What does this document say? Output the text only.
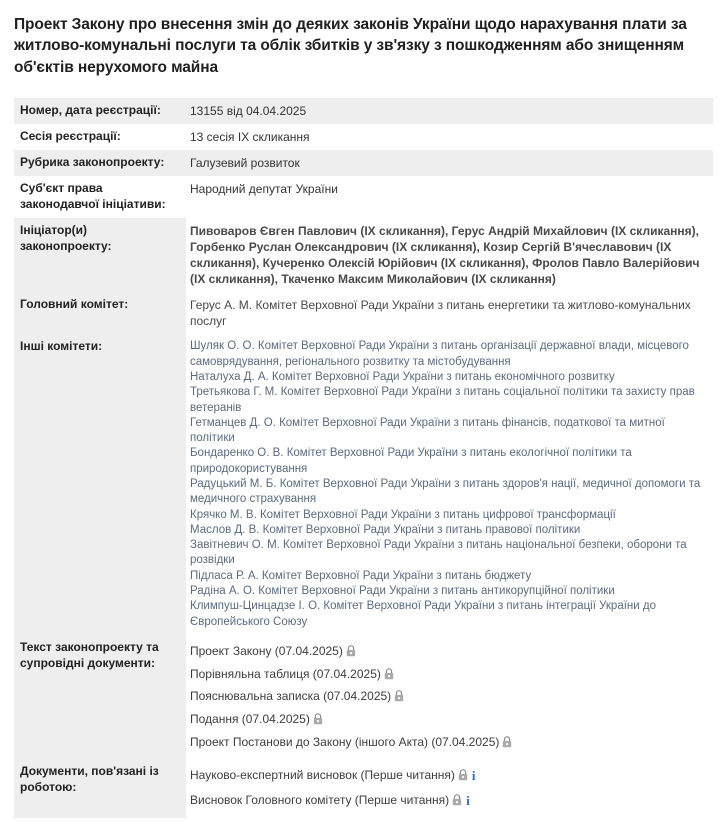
Проект Закону про внесення змін до деяких законів України щодо нарахування плати за житлово-комунальні послуги та облік збитків у зв'язку з пошкодженням або знищенням об'єктів нерухомого майна
Номер, дата реєстрації:	13155 від 04.04.2025
Сесія реєстрації:	13 сесія IX скликання
Рубрика законопроекту:	Галузевий розвиток
Суб'єкт права законодавчої ініціативи:	Народний депутат України
Ініціатор(и) законопроекту:	Пивоваров Євген Павлович (IX скликання), Герус Андрій Михайлович (IX скликання), Горбенко Руслан Олександрович (IX скликання), Козир Сергій В'ячеславович (IX скликання), Кучеренко Олексій Юрійович (IX скликання), Фролов Павло Валерійович (IX скликання), Ткаченко Максим Миколайович (IX скликання)
Головний комітет:	Герус А. М. Комітет Верховної Ради України з питань енергетики та житлово-комунальних послуг
Інші комітети:	Шуляк О. О. Комітет Верховної Ради України з питань організації державної влади, місцевого самоврядування, регіонального розвитку та містобудування
Наталуха Д. А. Комітет Верховної Ради України з питань економічного розвитку
Третьякова Г. М. Комітет Верховної Ради України з питань соціальної політики та захисту прав ветеранів
Гетманцев Д. О. Комітет Верховної Ради України з питань фінансів, податкової та митної політики
Бондаренко О. В. Комітет Верховної Ради України з питань екологічної політики та природокористування
Радуцький М. Б. Комітет Верховної Ради України з питань здоров'я нації, медичної допомоги та медичного страхування
Крячко М. В. Комітет Верховної Ради України з питань цифрової трансформації
Маслов Д. В. Комітет Верховної Ради України з питань правової політики
Завітневич О. М. Комітет Верховної Ради України з питань національної безпеки, оборони та розвідки
Підласа Р. А. Комітет Верховної Ради України з питань бюджету
Радіна А. О. Комітет Верховної Ради України з питань антикорупційної політики
Климпуш-Цинцадзе І. О. Комітет Верховної Ради України з питань інтеграції України до Європейського Союзу

Текст законопроекту та супровідні документи:	Проект Закону (07.04.2025)
Порівняльна таблиця (07.04.2025)
Пояснювальна записка (07.04.2025)
Подання (07.04.2025)
Проект Постанови до Закону (іншого Акта) (07.04.2025)

Документи, пов'язані із роботою:	Науково-експертний висновок (Перше читання) i
Висновок Головного комітету (Перше читання) i
